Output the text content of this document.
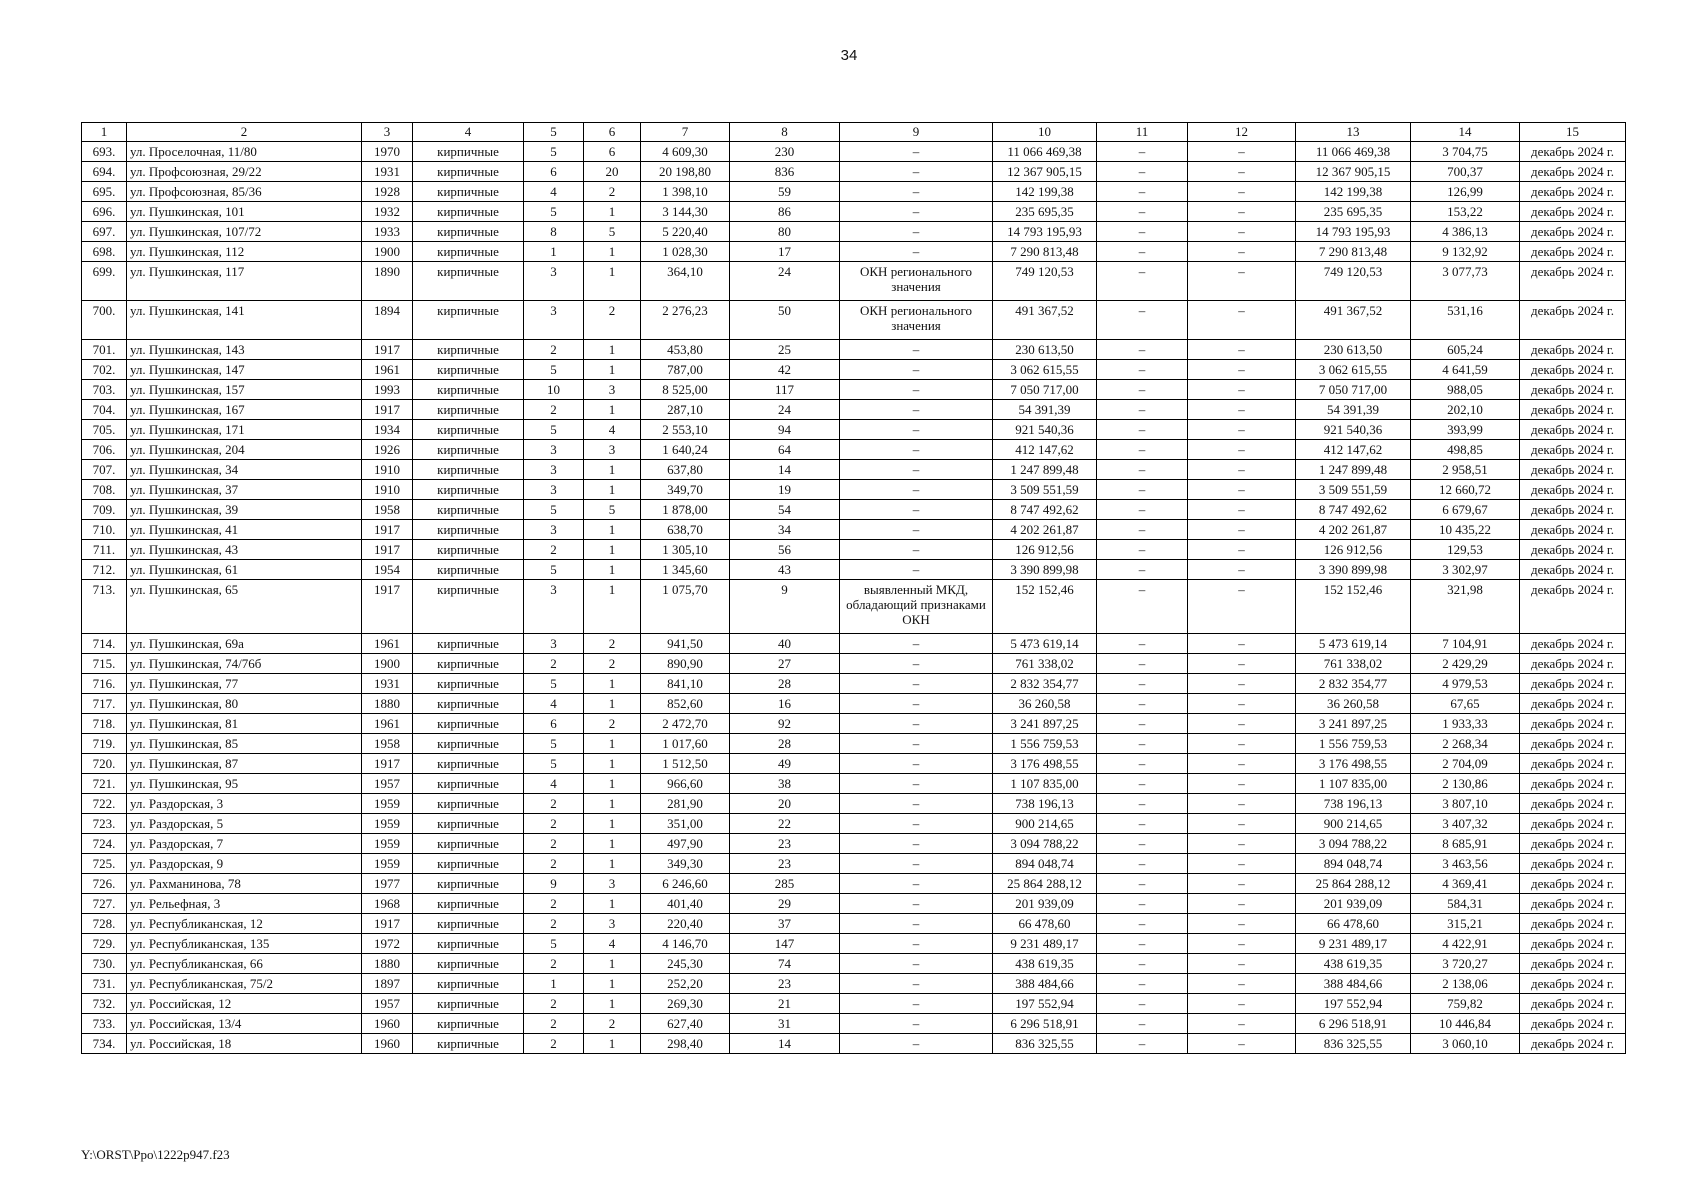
34
1	2	3	4	5	6	7	8	9	10	11	12	13	14	15
693.	ул. Проселочная, 11/80	1970	кирпичные	5	6	4 609,30	230	–	11 066 469,38	–	–	11 066 469,38	3 704,75	декабрь 2024 г.
694.	ул. Профсоюзная, 29/22	1931	кирпичные	6	20	20 198,80	836	–	12 367 905,15	–	–	12 367 905,15	700,37	декабрь 2024 г.
695.	ул. Профсоюзная, 85/36	1928	кирпичные	4	2	1 398,10	59	–	142 199,38	–	–	142 199,38	126,99	декабрь 2024 г.
696.	ул. Пушкинская, 101	1932	кирпичные	5	1	3 144,30	86	–	235 695,35	–	–	235 695,35	153,22	декабрь 2024 г.
697.	ул. Пушкинская, 107/72	1933	кирпичные	8	5	5 220,40	80	–	14 793 195,93	–	–	14 793 195,93	4 386,13	декабрь 2024 г.
698.	ул. Пушкинская, 112	1900	кирпичные	1	1	1 028,30	17	–	7 290 813,48	–	–	7 290 813,48	9 132,92	декабрь 2024 г.
699.	ул. Пушкинская, 117	1890	кирпичные	3	1	364,10	24	ОКН регионального значения	749 120,53	–	–	749 120,53	3 077,73	декабрь 2024 г.
700.	ул. Пушкинская, 141	1894	кирпичные	3	2	2 276,23	50	ОКН регионального значения	491 367,52	–	–	491 367,52	531,16	декабрь 2024 г.
701.	ул. Пушкинская, 143	1917	кирпичные	2	1	453,80	25	–	230 613,50	–	–	230 613,50	605,24	декабрь 2024 г.
702.	ул. Пушкинская, 147	1961	кирпичные	5	1	787,00	42	–	3 062 615,55	–	–	3 062 615,55	4 641,59	декабрь 2024 г.
703.	ул. Пушкинская, 157	1993	кирпичные	10	3	8 525,00	117	–	7 050 717,00	–	–	7 050 717,00	988,05	декабрь 2024 г.
704.	ул. Пушкинская, 167	1917	кирпичные	2	1	287,10	24	–	54 391,39	–	–	54 391,39	202,10	декабрь 2024 г.
705.	ул. Пушкинская, 171	1934	кирпичные	5	4	2 553,10	94	–	921 540,36	–	–	921 540,36	393,99	декабрь 2024 г.
706.	ул. Пушкинская, 204	1926	кирпичные	3	3	1 640,24	64	–	412 147,62	–	–	412 147,62	498,85	декабрь 2024 г.
707.	ул. Пушкинская, 34	1910	кирпичные	3	1	637,80	14	–	1 247 899,48	–	–	1 247 899,48	2 958,51	декабрь 2024 г.
708.	ул. Пушкинская, 37	1910	кирпичные	3	1	349,70	19	–	3 509 551,59	–	–	3 509 551,59	12 660,72	декабрь 2024 г.
709.	ул. Пушкинская, 39	1958	кирпичные	5	5	1 878,00	54	–	8 747 492,62	–	–	8 747 492,62	6 679,67	декабрь 2024 г.
710.	ул. Пушкинская, 41	1917	кирпичные	3	1	638,70	34	–	4 202 261,87	–	–	4 202 261,87	10 435,22	декабрь 2024 г.
711.	ул. Пушкинская, 43	1917	кирпичные	2	1	1 305,10	56	–	126 912,56	–	–	126 912,56	129,53	декабрь 2024 г.
712.	ул. Пушкинская, 61	1954	кирпичные	5	1	1 345,60	43	–	3 390 899,98	–	–	3 390 899,98	3 302,97	декабрь 2024 г.
713.	ул. Пушкинская, 65	1917	кирпичные	3	1	1 075,70	9	выявленный МКД, обладающий признаками ОКН	152 152,46	–	–	152 152,46	321,98	декабрь 2024 г.
714.	ул. Пушкинская, 69а	1961	кирпичные	3	2	941,50	40	–	5 473 619,14	–	–	5 473 619,14	7 104,91	декабрь 2024 г.
715.	ул. Пушкинская, 74/76б	1900	кирпичные	2	2	890,90	27	–	761 338,02	–	–	761 338,02	2 429,29	декабрь 2024 г.
716.	ул. Пушкинская, 77	1931	кирпичные	5	1	841,10	28	–	2 832 354,77	–	–	2 832 354,77	4 979,53	декабрь 2024 г.
717.	ул. Пушкинская, 80	1880	кирпичные	4	1	852,60	16	–	36 260,58	–	–	36 260,58	67,65	декабрь 2024 г.
718.	ул. Пушкинская, 81	1961	кирпичные	6	2	2 472,70	92	–	3 241 897,25	–	–	3 241 897,25	1 933,33	декабрь 2024 г.
719.	ул. Пушкинская, 85	1958	кирпичные	5	1	1 017,60	28	–	1 556 759,53	–	–	1 556 759,53	2 268,34	декабрь 2024 г.
720.	ул. Пушкинская, 87	1917	кирпичные	5	1	1 512,50	49	–	3 176 498,55	–	–	3 176 498,55	2 704,09	декабрь 2024 г.
721.	ул. Пушкинская, 95	1957	кирпичные	4	1	966,60	38	–	1 107 835,00	–	–	1 107 835,00	2 130,86	декабрь 2024 г.
722.	ул. Раздорская, 3	1959	кирпичные	2	1	281,90	20	–	738 196,13	–	–	738 196,13	3 807,10	декабрь 2024 г.
723.	ул. Раздорская, 5	1959	кирпичные	2	1	351,00	22	–	900 214,65	–	–	900 214,65	3 407,32	декабрь 2024 г.
724.	ул. Раздорская, 7	1959	кирпичные	2	1	497,90	23	–	3 094 788,22	–	–	3 094 788,22	8 685,91	декабрь 2024 г.
725.	ул. Раздорская, 9	1959	кирпичные	2	1	349,30	23	–	894 048,74	–	–	894 048,74	3 463,56	декабрь 2024 г.
726.	ул. Рахманинова, 78	1977	кирпичные	9	3	6 246,60	285	–	25 864 288,12	–	–	25 864 288,12	4 369,41	декабрь 2024 г.
727.	ул. Рельефная, 3	1968	кирпичные	2	1	401,40	29	–	201 939,09	–	–	201 939,09	584,31	декабрь 2024 г.
728.	ул. Республиканская, 12	1917	кирпичные	2	3	220,40	37	–	66 478,60	–	–	66 478,60	315,21	декабрь 2024 г.
729.	ул. Республиканская, 135	1972	кирпичные	5	4	4 146,70	147	–	9 231 489,17	–	–	9 231 489,17	4 422,91	декабрь 2024 г.
730.	ул. Республиканская, 66	1880	кирпичные	2	1	245,30	74	–	438 619,35	–	–	438 619,35	3 720,27	декабрь 2024 г.
731.	ул. Республиканская, 75/2	1897	кирпичные	1	1	252,20	23	–	388 484,66	–	–	388 484,66	2 138,06	декабрь 2024 г.
732.	ул. Российская, 12	1957	кирпичные	2	1	269,30	21	–	197 552,94	–	–	197 552,94	759,82	декабрь 2024 г.
733.	ул. Российская, 13/4	1960	кирпичные	2	2	627,40	31	–	6 296 518,91	–	–	6 296 518,91	10 446,84	декабрь 2024 г.
734.	ул. Российская, 18	1960	кирпичные	2	1	298,40	14	–	836 325,55	–	–	836 325,55	3 060,10	декабрь 2024 г.
Y:\ORST\Ppo\1222p947.f23
